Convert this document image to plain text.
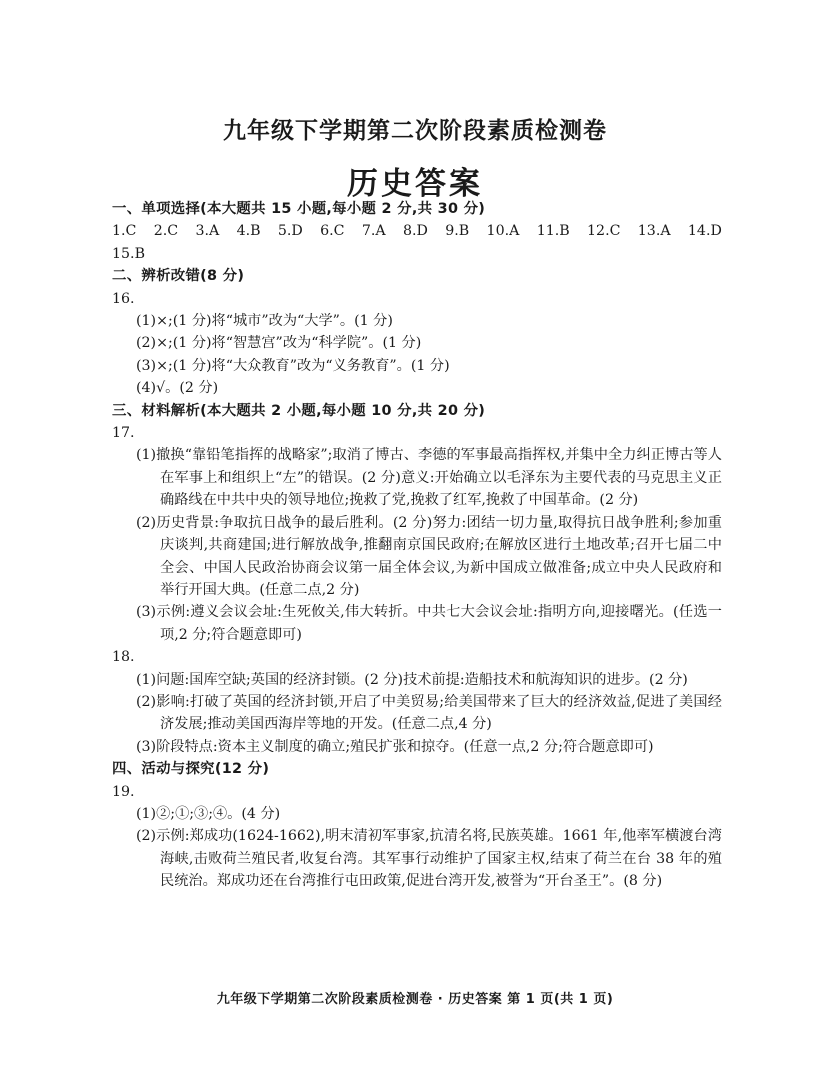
九年级下学期第二次阶段素质检测卷
历史答案
一、单项选择(本大题共 15 小题,每小题 2 分,共 30 分)
1.C 2.C 3.A 4.B 5.D 6.C 7.A 8.D 9.B 10.A 11.B 12.C 13.A 14.D
15.B
二、辨析改错(8 分)
16.
(1)×;(1 分)将“城市”改为“大学”。(1 分)
(2)×;(1 分)将“智慧宫”改为“科学院”。(1 分)
(3)×;(1 分)将“大众教育”改为“义务教育”。(1 分)
(4)√。(2 分)
三、材料解析(本大题共 2 小题,每小题 10 分,共 20 分)
17.
(1)撤换“靠铅笔指挥的战略家”;取消了博古、李德的军事最高指挥权,并集中全力纠正博古等人在军事上和组织上“左”的错误。(2 分)意义:开始确立以毛泽东为主要代表的马克思主义正确路线在中共中央的领导地位;挽救了党,挽救了红军,挽救了中国革命。(2 分)
(2)历史背景:争取抗日战争的最后胜利。(2 分)努力:团结一切力量,取得抗日战争胜利;参加重庆谈判,共商建国;进行解放战争,推翻南京国民政府;在解放区进行土地改革;召开七届二中全会、中国人民政治协商会议第一届全体会议,为新中国成立做准备;成立中央人民政府和举行开国大典。(任意二点,2 分)
(3)示例:遵义会议会址:生死攸关,伟大转折。中共七大会议会址:指明方向,迎接曙光。(任选一项,2 分;符合题意即可)
18.
(1)问题:国库空缺;英国的经济封锁。(2 分)技术前提:造船技术和航海知识的进步。(2 分)
(2)影响:打破了英国的经济封锁,开启了中美贸易;给美国带来了巨大的经济效益,促进了美国经济发展;推动美国西海岸等地的开发。(任意二点,4 分)
(3)阶段特点:资本主义制度的确立;殖民扩张和掠夺。(任意一点,2 分;符合题意即可)
四、活动与探究(12 分)
19.
(1)②;①;③;④。(4 分)
(2)示例:郑成功(1624-1662),明末清初军事家,抗清名将,民族英雄。1661 年,他率军横渡台湾海峡,击败荷兰殖民者,收复台湾。其军事行动维护了国家主权,结束了荷兰在台 38 年的殖民统治。郑成功还在台湾推行屯田政策,促进台湾开发,被誉为“开台圣王”。(8 分)
九年级下学期第二次阶段素质检测卷 · 历史答案 第 1 页(共 1 页)
